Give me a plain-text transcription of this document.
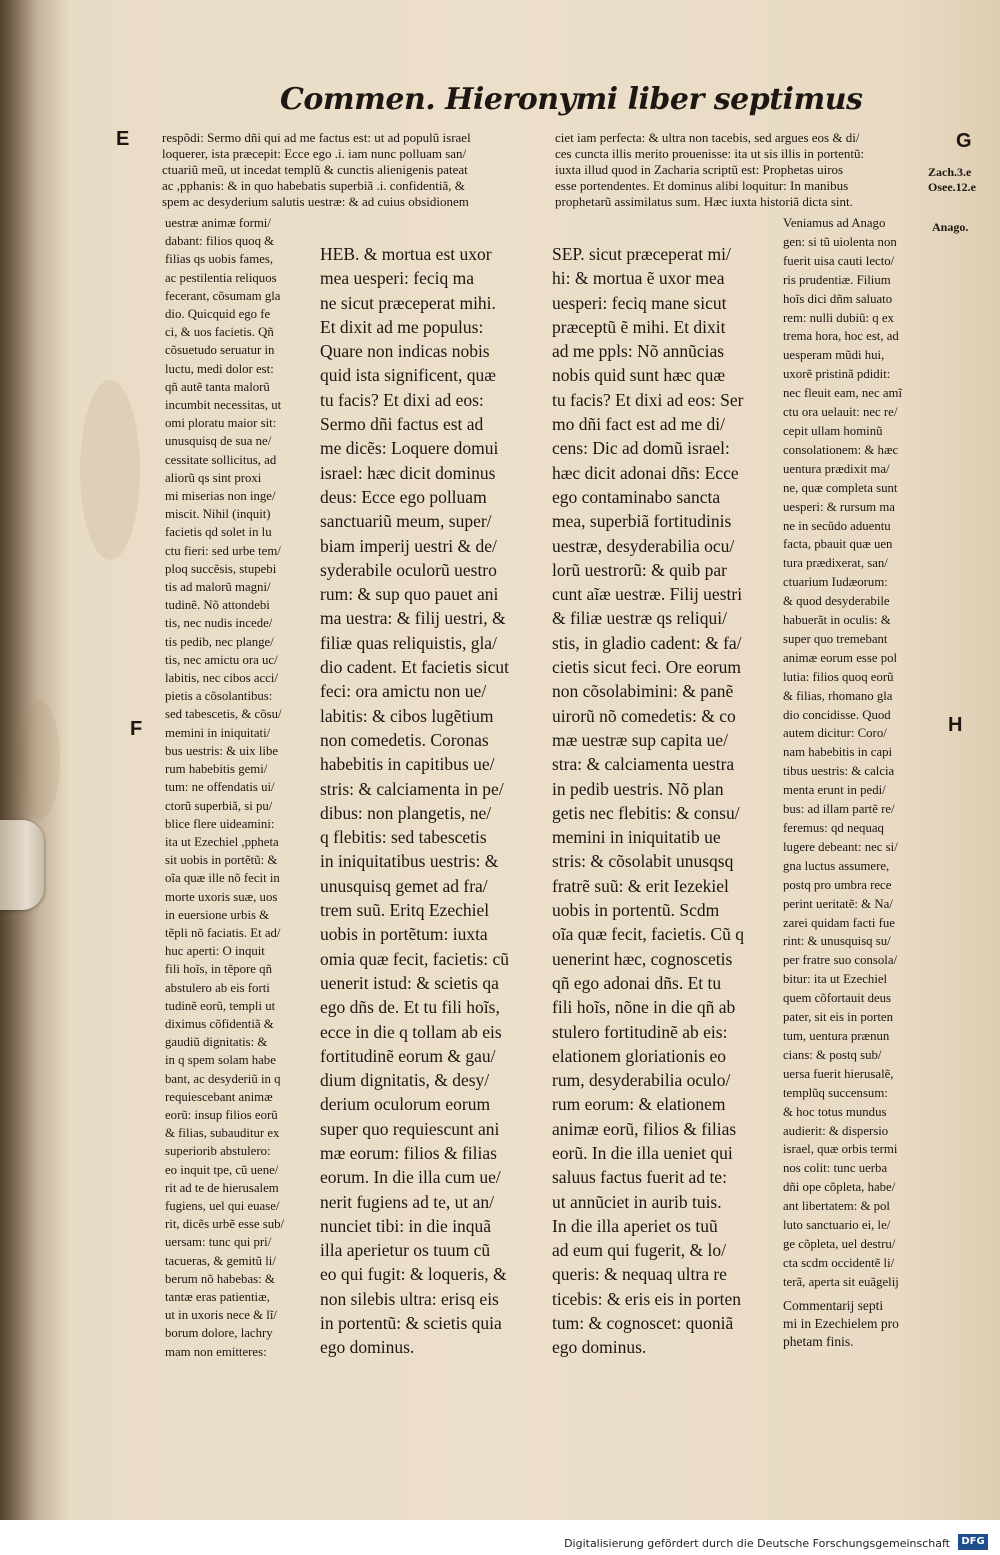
Commen. Hieronymi liber septimus
E	G
F	H
Zach.3.e
Osee.12.e
Anago.
respõdi: Sermo dñi qui ad me factus est: ut ad populũ israel
loquerer, ista præcepit: Ecce ego .i. iam nunc polluam san/
ctuariũ meũ, ut incedat templũ & cunctis alienigenis pateat
ac ,pphanis: & in quo habebatis superbiã .i. confidentiã, &
spem ac desyderium salutis uestræ: & ad cuius obsidionem
ciet iam perfecta: & ultra non tacebis, sed argues eos & di/
ces cuncta illis merito prouenisse: ita ut sis illis in portentũ:
iuxta illud quod in Zacharia scriptũ est: Prophetas uiros
esse portendentes. Et dominus alibi loquitur: In manibus
prophetarũ assimilatus sum. Hæc iuxta historiã dicta sint.
uestræ animæ formi/
dabant: filios quoq &
filias qs uobis fames,
ac pestilentia reliquos
fecerant, cõsumam gla
dio. Quicquid ego fe
ci, & uos facietis. Qñ
cõsuetudo seruatur in
luctu, medi dolor est:
qñ autẽ tanta malorũ
incumbit necessitas, ut
omi ploratu maior sit:
unusquisq de sua ne/
cessitate sollicitus, ad
aliorũ qs sint proxi
mi miserias non inge/
miscit. Nihil (inquit)
facietis qd solet in lu
ctu fieri: sed urbe tem/
ploq succẽsis, stupebi
tis ad malorũ magni/
tudinẽ. Nõ attondebi
tis, nec nudis incede/
tis pedib, nec plange/
tis, nec amictu ora uc/
labitis, nec cibos acci/
pietis a cõsolantibus:
sed tabescetis, & cõsu/
memini in iniquitati/
bus uestris: & uix libe
rum habebitis gemi/
tum: ne offendatis ui/
ctorũ superbiã, si pu/
blice flere uideamini:
ita ut Ezechiel ,ppheta
sit uobis in portẽtũ: &
oĩa quæ ille nõ fecit in
morte uxoris suæ, uos
in euersione urbis &
tẽpli nõ faciatis. Et ad/
huc aperti: O inquit
fili hoĩs, in tẽpore qñ
abstulero ab eis forti
tudinẽ eorũ, templi ut
diximus cõfidentiã &
gaudiũ dignitatis: &
in q spem solam habe
bant, ac desyderiũ in q
requiescebant animæ
eorũ: insup filios eorũ
& filias, subauditur ex
superiorib abstulero:
eo inquit tpe, cũ uene/
rit ad te de hierusalem
fugiens, uel qui euase/
rit, dicẽs urbẽ esse sub/
uersam: tunc qui pri/
tacueras, & gemitũ li/
berum nõ habebas: &
tantæ eras patientiæ,
ut in uxoris nece & lĩ/
borum dolore, lachry
mam non emitteres:

HEB. & mortua est uxor
mea uesperi: feciq ma
ne sicut præceperat mihi.
Et dixit ad me populus:
Quare non indicas nobis
quid ista significent, quæ
tu facis? Et dixi ad eos:
Sermo dñi factus est ad
me dicẽs: Loquere domui
israel: hæc dicit dominus
deus: Ecce ego polluam
sanctuariũ meum, super/
biam imperij uestri & de/
syderabile oculorũ uestro
rum: & sup quo pauet ani
ma uestra: & filij uestri, &
filiæ quas reliquistis, gla/
dio cadent. Et facietis sicut
feci: ora amictu non ue/
labitis: & cibos lugẽtium
non comedetis. Coronas
habebitis in capitibus ue/
stris: & calciamenta in pe/
dibus: non plangetis, ne/
q flebitis: sed tabescetis
in iniquitatibus uestris: &
unusquisq gemet ad fra/
trem suũ. Eritq Ezechiel
uobis in portẽtum: iuxta
omia quæ fecit, facietis: cũ
uenerit istud: & scietis qa
ego dñs de. Et tu fili hoĩs,
ecce in die q tollam ab eis
fortitudinẽ eorum & gau/
dium dignitatis, & desy/
derium oculorum eorum
super quo requiescunt ani
mæ eorum: filios & filias
eorum. In die illa cum ue/
nerit fugiens ad te, ut an/
nunciet tibi: in die inquã
illa aperietur os tuum cũ
eo qui fugit: & loqueris, &
non silebis ultra: erisq eis
in portentũ: & scietis quia
ego dominus.
SEP. sicut præceperat mi/
hi: & mortua ẽ uxor mea
uesperi: feciq mane sicut
præceptũ ẽ mihi. Et dixit
ad me ppls: Nõ annũcias
nobis quid sunt hæc quæ
tu facis? Et dixi ad eos: Ser
mo dñi fact est ad me di/
cens: Dic ad domũ israel:
hæc dicit adonai dñs: Ecce
ego contaminabo sancta
mea, superbiã fortitudinis
uestræ, desyderabilia ocu/
lorũ uestrorũ: & quib par
cunt aĩæ uestræ. Filij uestri
& filiæ uestræ qs reliqui/
stis, in gladio cadent: & fa/
cietis sicut feci. Ore eorum
non cõsolabimini: & panẽ
uirorũ nõ comedetis: & co
mæ uestræ sup capita ue/
stra: & calciamenta uestra
in pedib uestris. Nõ plan
getis nec flebitis: & consu/
memini in iniquitatib ue
stris: & cõsolabit unusqsq
fratrẽ suũ: & erit Iezekiel
uobis in portentũ. Scdm
oĩa quæ fecit, facietis. Cũ q
uenerint hæc, cognoscetis
qñ ego adonai dñs. Et tu
fili hoĩs, nõne in die qñ ab
stulero fortitudinẽ ab eis:
elationem gloriationis eo
rum, desyderabilia oculo/
rum eorum: & elationem
animæ eorũ, filios & filias
eorũ. In die illa ueniet qui
saluus factus fuerit ad te:
ut annũciet in aurib tuis.
In die illa aperiet os tuũ
ad eum qui fugerit, & lo/
queris: & nequaq ultra re
ticebis: & eris eis in porten
tum: & cognoscet: quoniã
ego dominus.
Veniamus ad Anago
gen: si tũ uiolenta non
fuerit uisa cauti lecto/
ris prudentiæ. Filium
hoĩs dici dñm saluato
rem: nulli dubiũ: q ex
trema hora, hoc est, ad
uesperam mũdi hui,
uxorẽ pristinã pdidit:
nec fleuit eam, nec amĩ
ctu ora uelauit: nec re/
cepit ullam hominũ
consolationem: & hæc
uentura prædixit ma/
ne, quæ completa sunt
uesperi: & rursum ma
ne in secũdo aduentu
facta, pbauit quæ uen
tura prædixerat, san/
ctuarium Iudæorum:
& quod desyderabile
habuerãt in oculis: &
super quo tremebant
animæ eorum esse pol
lutia: filios quoq eorũ
& filias, rhomano gla
dio concidisse. Quod
autem dicitur: Coro/
nam habebitis in capi
tibus uestris: & calcia
menta erunt in pedi/
bus: ad illam partẽ re/
feremus: qd nequaq
lugere debeant: nec si/
gna luctus assumere,
postq pro umbra rece
perint ueritatẽ: & Na/
zarei quidam facti fue
rint: & unusquisq su/
per fratre suo consola/
bitur: ita ut Ezechiel
quem cõfortauit deus
pater, sit eis in porten
tum, uentura prænun
cians: & postq sub/
uersa fuerit hierusalẽ,
templũq succensum:
& hoc totus mundus
audierit: & dispersio
israel, quæ orbis termi
nos colit: tunc uerba
dñi ope cõpleta, habe/
ant libertatem: & pol
luto sanctuario ei, le/
ge cõpleta, uel destru/
cta scdm occidentẽ li/
terã, aperta sit euãgelij

Commentarij septi
mi in Ezechielem pro
phetam finis.
Digitalisierung gefördert durch die Deutsche Forschungsgemeinschaft	DFG
